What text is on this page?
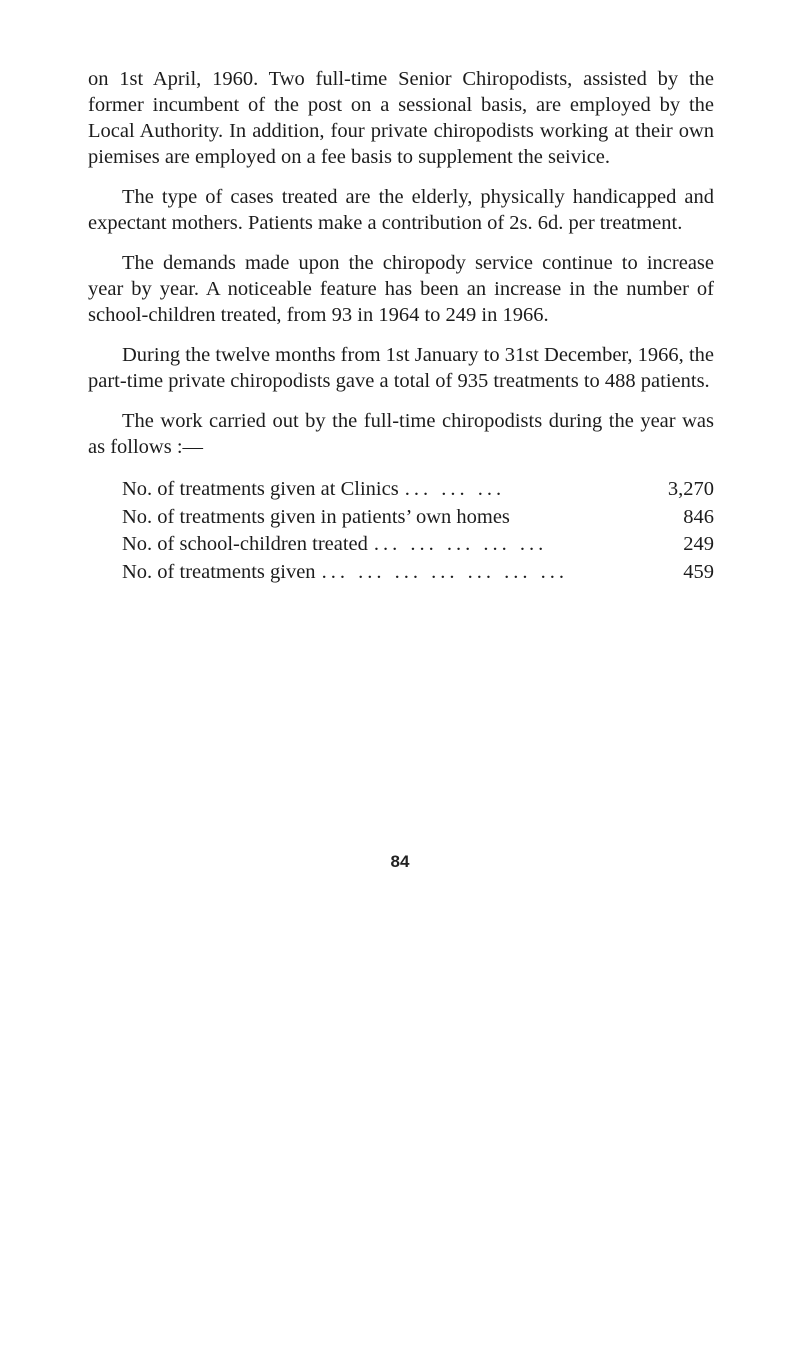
on 1st April, 1960. Two full-time Senior Chiropodists, assisted by the former incumbent of the post on a sessional basis, are employed by the Local Authority. In addition, four private chiropodists working at their own piemises are employed on a fee basis to supplement the seivice.

The type of cases treated are the elderly, physically handicapped and expectant mothers. Patients make a contribution of 2s. 6d. per treatment.

The demands made upon the chiropody service continue to increase year by year. A noticeable feature has been an increase in the number of school-children treated, from 93 in 1964 to 249 in 1966.

During the twelve months from 1st January to 31st December, 1966, the part-time private chiropodists gave a total of 935 treatments to 488 patients.

The work carried out by the full-time chiropodists during the year was as follows :—

No. of treatments given at Clinics ... ... ...	3,270
No. of treatments given in patients’ own homes	846
No. of school-children treated ... ... ... ... ...	249
No. of treatments given ... ... ... ... ... ... ...	459
84
